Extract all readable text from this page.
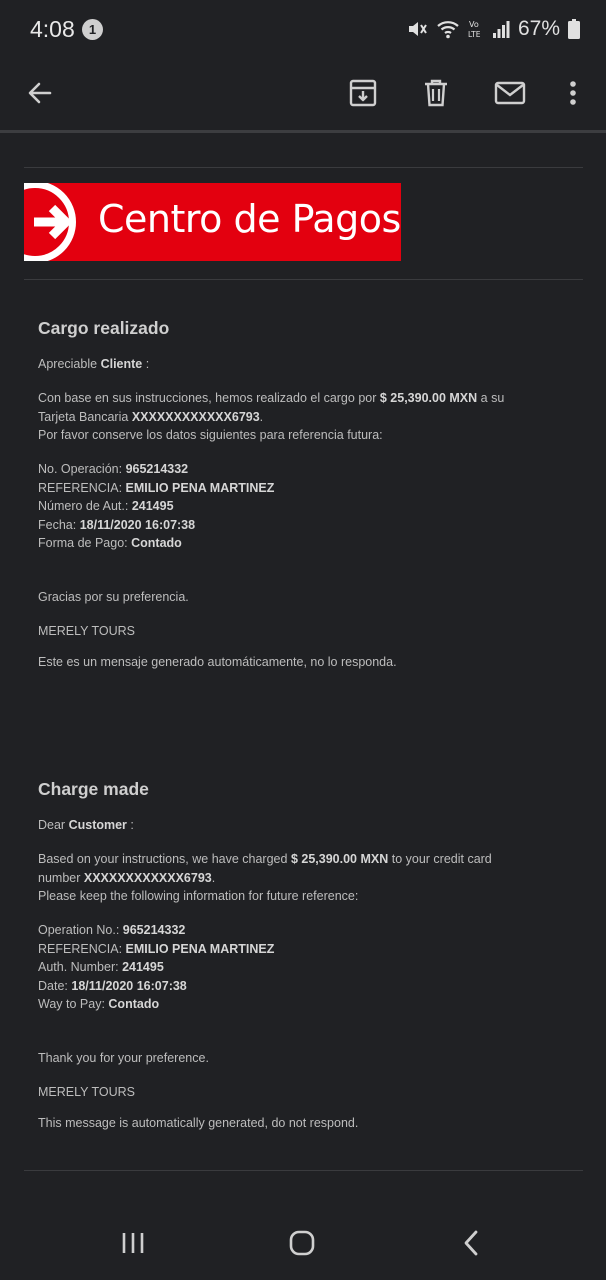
4:08	1	Vo
LTE 67%
Centro de Pagos
Cargo realizado
Apreciable Cliente :
Con base en sus instrucciones, hemos realizado el cargo por $ 25,390.00 MXN a su
Tarjeta Bancaria XXXXXXXXXXXX6793.
Por favor conserve los datos siguientes para referencia futura:
No. Operación: 965214332
REFERENCIA: EMILIO PENA MARTINEZ
Número de Aut.: 241495
Fecha: 18/11/2020 16:07:38
Forma de Pago: Contado
Gracias por su preferencia.
MERELY TOURS
Este es un mensaje generado automáticamente, no lo responda.
Charge made
Dear Customer :
Based on your instructions, we have charged $ 25,390.00 MXN to your credit card
number XXXXXXXXXXXX6793.
Please keep the following information for future reference:
Operation No.: 965214332
REFERENCIA: EMILIO PENA MARTINEZ
Auth. Number: 241495
Date: 18/11/2020 16:07:38
Way to Pay: Contado
Thank you for your preference.
MERELY TOURS
This message is automatically generated, do not respond.
